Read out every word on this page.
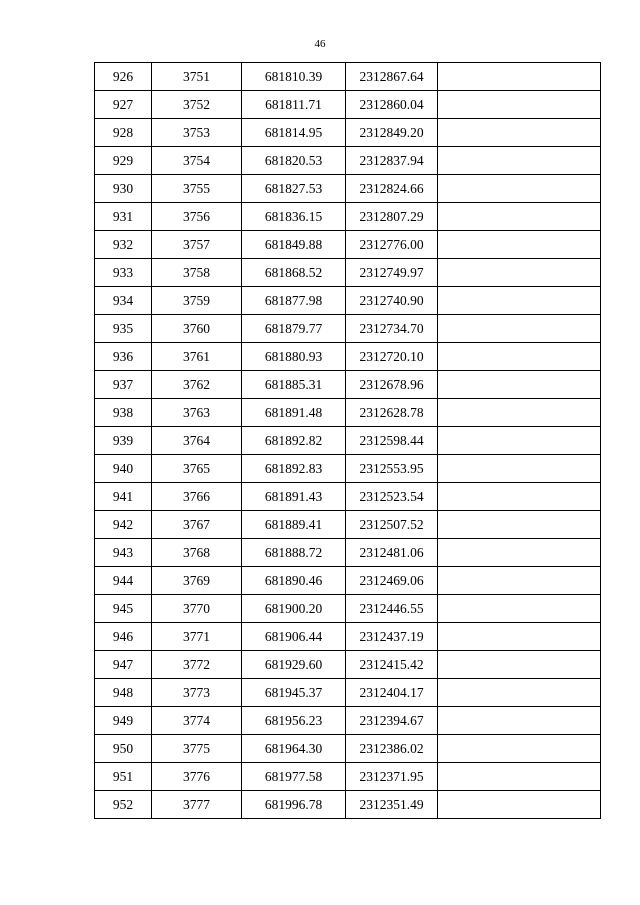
46
926	3751	681810.39	2312867.64	
927	3752	681811.71	2312860.04	
928	3753	681814.95	2312849.20	
929	3754	681820.53	2312837.94	
930	3755	681827.53	2312824.66	
931	3756	681836.15	2312807.29	
932	3757	681849.88	2312776.00	
933	3758	681868.52	2312749.97	
934	3759	681877.98	2312740.90	
935	3760	681879.77	2312734.70	
936	3761	681880.93	2312720.10	
937	3762	681885.31	2312678.96	
938	3763	681891.48	2312628.78	
939	3764	681892.82	2312598.44	
940	3765	681892.83	2312553.95	
941	3766	681891.43	2312523.54	
942	3767	681889.41	2312507.52	
943	3768	681888.72	2312481.06	
944	3769	681890.46	2312469.06	
945	3770	681900.20	2312446.55	
946	3771	681906.44	2312437.19	
947	3772	681929.60	2312415.42	
948	3773	681945.37	2312404.17	
949	3774	681956.23	2312394.67	
950	3775	681964.30	2312386.02	
951	3776	681977.58	2312371.95	
952	3777	681996.78	2312351.49	
